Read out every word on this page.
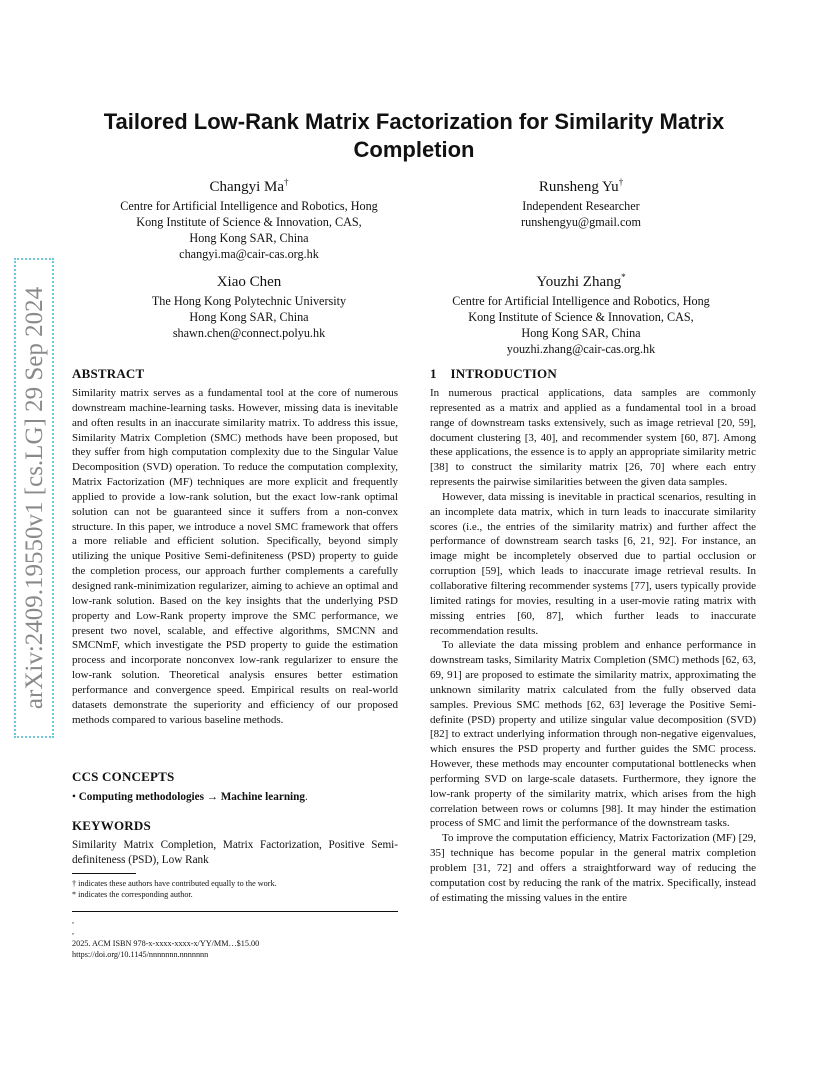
arXiv:2409.19550v1 [cs.LG] 29 Sep 2024
Tailored Low-Rank Matrix Factorization for Similarity Matrix Completion
Changyi Ma†
Centre for Artificial Intelligence and Robotics, Hong
Kong Institute of Science & Innovation, CAS,
Hong Kong SAR, China
changyi.ma@cair-cas.org.hk
Runsheng Yu†
Independent Researcher
runshengyu@gmail.com
Xiao Chen
The Hong Kong Polytechnic University
Hong Kong SAR, China
shawn.chen@connect.polyu.hk
Youzhi Zhang*
Centre for Artificial Intelligence and Robotics, Hong
Kong Institute of Science & Innovation, CAS,
Hong Kong SAR, China
youzhi.zhang@cair-cas.org.hk
ABSTRACT
Similarity matrix serves as a fundamental tool at the core of numerous downstream machine-learning tasks. However, missing data is inevitable and often results in an inaccurate similarity matrix. To address this issue, Similarity Matrix Completion (SMC) methods have been proposed, but they suffer from high computation complexity due to the Singular Value Decomposition (SVD) operation. To reduce the computation complexity, Matrix Factorization (MF) techniques are more explicit and frequently applied to provide a low-rank solution, but the exact low-rank optimal solution can not be guaranteed since it suffers from a non-convex structure. In this paper, we introduce a novel SMC framework that offers a more reliable and efficient solution. Specifically, beyond simply utilizing the unique Positive Semi-definiteness (PSD) property to guide the completion process, our approach further complements a carefully designed rank-minimization regularizer, aiming to achieve an optimal and low-rank solution. Based on the key insights that the underlying PSD property and Low-Rank property improve the SMC performance, we present two novel, scalable, and effective algorithms, SMCNN and SMCNmF, which investigate the PSD property to guide the estimation process and incorporate nonconvex low-rank regularizer to ensure the low-rank solution. Theoretical analysis ensures better estimation performance and convergence speed. Empirical results on real-world datasets demonstrate the superiority and efficiency of our proposed methods compared to various baseline methods.
CCS CONCEPTS
• Computing methodologies → Machine learning.
KEYWORDS
Similarity Matrix Completion, Matrix Factorization, Positive Semi-definiteness (PSD), Low Rank
† indicates these authors have contributed equally to the work.
* indicates the corresponding author.
,
,
2025. ACM ISBN 978-x-xxxx-xxxx-x/YY/MM…$15.00
https://doi.org/10.1145/nnnnnnn.nnnnnnn
1 INTRODUCTION

In numerous practical applications, data samples are commonly represented as a matrix and applied as a fundamental tool in a broad range of downstream tasks extensively, such as image retrieval [20, 59], document clustering [3, 40], and recommender system [60, 87]. Among these applications, the essence is to apply an appropriate similarity metric [38] to construct the similarity matrix [26, 70] where each entry represents the pairwise similarities between the given data samples.

However, data missing is inevitable in practical scenarios, resulting in an incomplete data matrix, which in turn leads to inaccurate similarity scores (i.e., the entries of the similarity matrix) and further affect the performance of downstream search tasks [6, 21, 92]. For instance, an image might be incompletely observed due to partial occlusion or corruption [59], which leads to inaccurate image retrieval results. In collaborative filtering recommender systems [77], users typically provide limited ratings for movies, resulting in a user-movie rating matrix with missing entries [60, 87], which further leads to inaccurate recommendation results.

To alleviate the data missing problem and enhance performance in downstream tasks, Similarity Matrix Completion (SMC) methods [62, 63, 69, 91] are proposed to estimate the similarity matrix, approximating the unknown similarity matrix calculated from the fully observed data samples. Previous SMC methods [62, 63] leverage the Positive Semi-definite (PSD) property and utilize singular value decomposition (SVD) [82] to extract underlying information through non-negative eigenvalues, which ensures the PSD property and further guides the SMC process. However, these methods may encounter computational bottlenecks when performing SVD on large-scale datasets. Furthermore, they ignore the low-rank property of the similarity matrix, which arises from the high correlation between rows or columns [98]. It may hinder the estimation process of SMC and limit the performance of the downstream tasks.

To improve the computation efficiency, Matrix Factorization (MF) [29, 35] technique has become popular in the general matrix completion problem [31, 72] and offers a straightforward way of reducing the computation cost by reducing the rank of the matrix. Specifically, instead of estimating the missing values in the entire
